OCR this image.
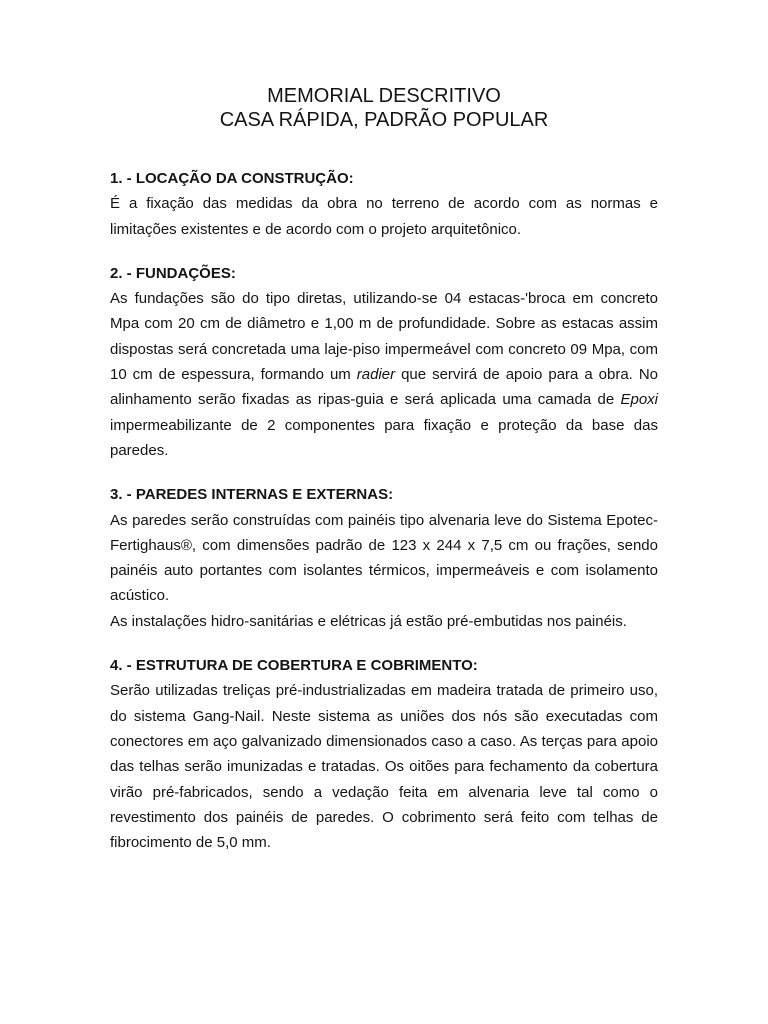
MEMORIAL DESCRITIVO
CASA RÁPIDA, PADRÃO POPULAR
1. - LOCAÇÃO DA CONSTRUÇÃO:

É a fixação das medidas da obra no terreno de acordo com as normas e limitações existentes e de acordo com o projeto arquitetônico.

2. - FUNDAÇÕES:

As fundações são do tipo diretas, utilizando-se 04 estacas-'broca em concreto Mpa com 20 cm de diâmetro e 1,00 m de profundidade. Sobre as estacas assim dispostas será concretada uma laje-piso impermeável com concreto 09 Mpa, com 10 cm de espessura, formando um radier que servirá de apoio para a obra. No alinhamento serão fixadas as ripas-guia e será aplicada uma camada de Epoxi impermeabilizante de 2 componentes para fixação e proteção da base das paredes.

3. - PAREDES INTERNAS E EXTERNAS:

As paredes serão construídas com painéis tipo alvenaria leve do Sistema Epotec- Fertighaus®, com dimensões padrão de 123 x 244 x 7,5 cm ou frações, sendo painéis auto portantes com isolantes térmicos, impermeáveis e com isolamento acústico.

As instalações hidro-sanitárias e elétricas já estão pré-embutidas nos painéis.

4. - ESTRUTURA DE COBERTURA E COBRIMENTO:

Serão utilizadas treliças pré-industrializadas em madeira tratada de primeiro uso, do sistema Gang-Nail. Neste sistema as uniões dos nós são executadas com conectores em aço galvanizado dimensionados caso a caso. As terças para apoio das telhas serão imunizadas e tratadas. Os oitões para fechamento da cobertura virão pré-fabricados, sendo a vedação feita em alvenaria leve tal como o revestimento dos painéis de paredes. O cobrimento será feito com telhas de fibrocimento de 5,0 mm.
